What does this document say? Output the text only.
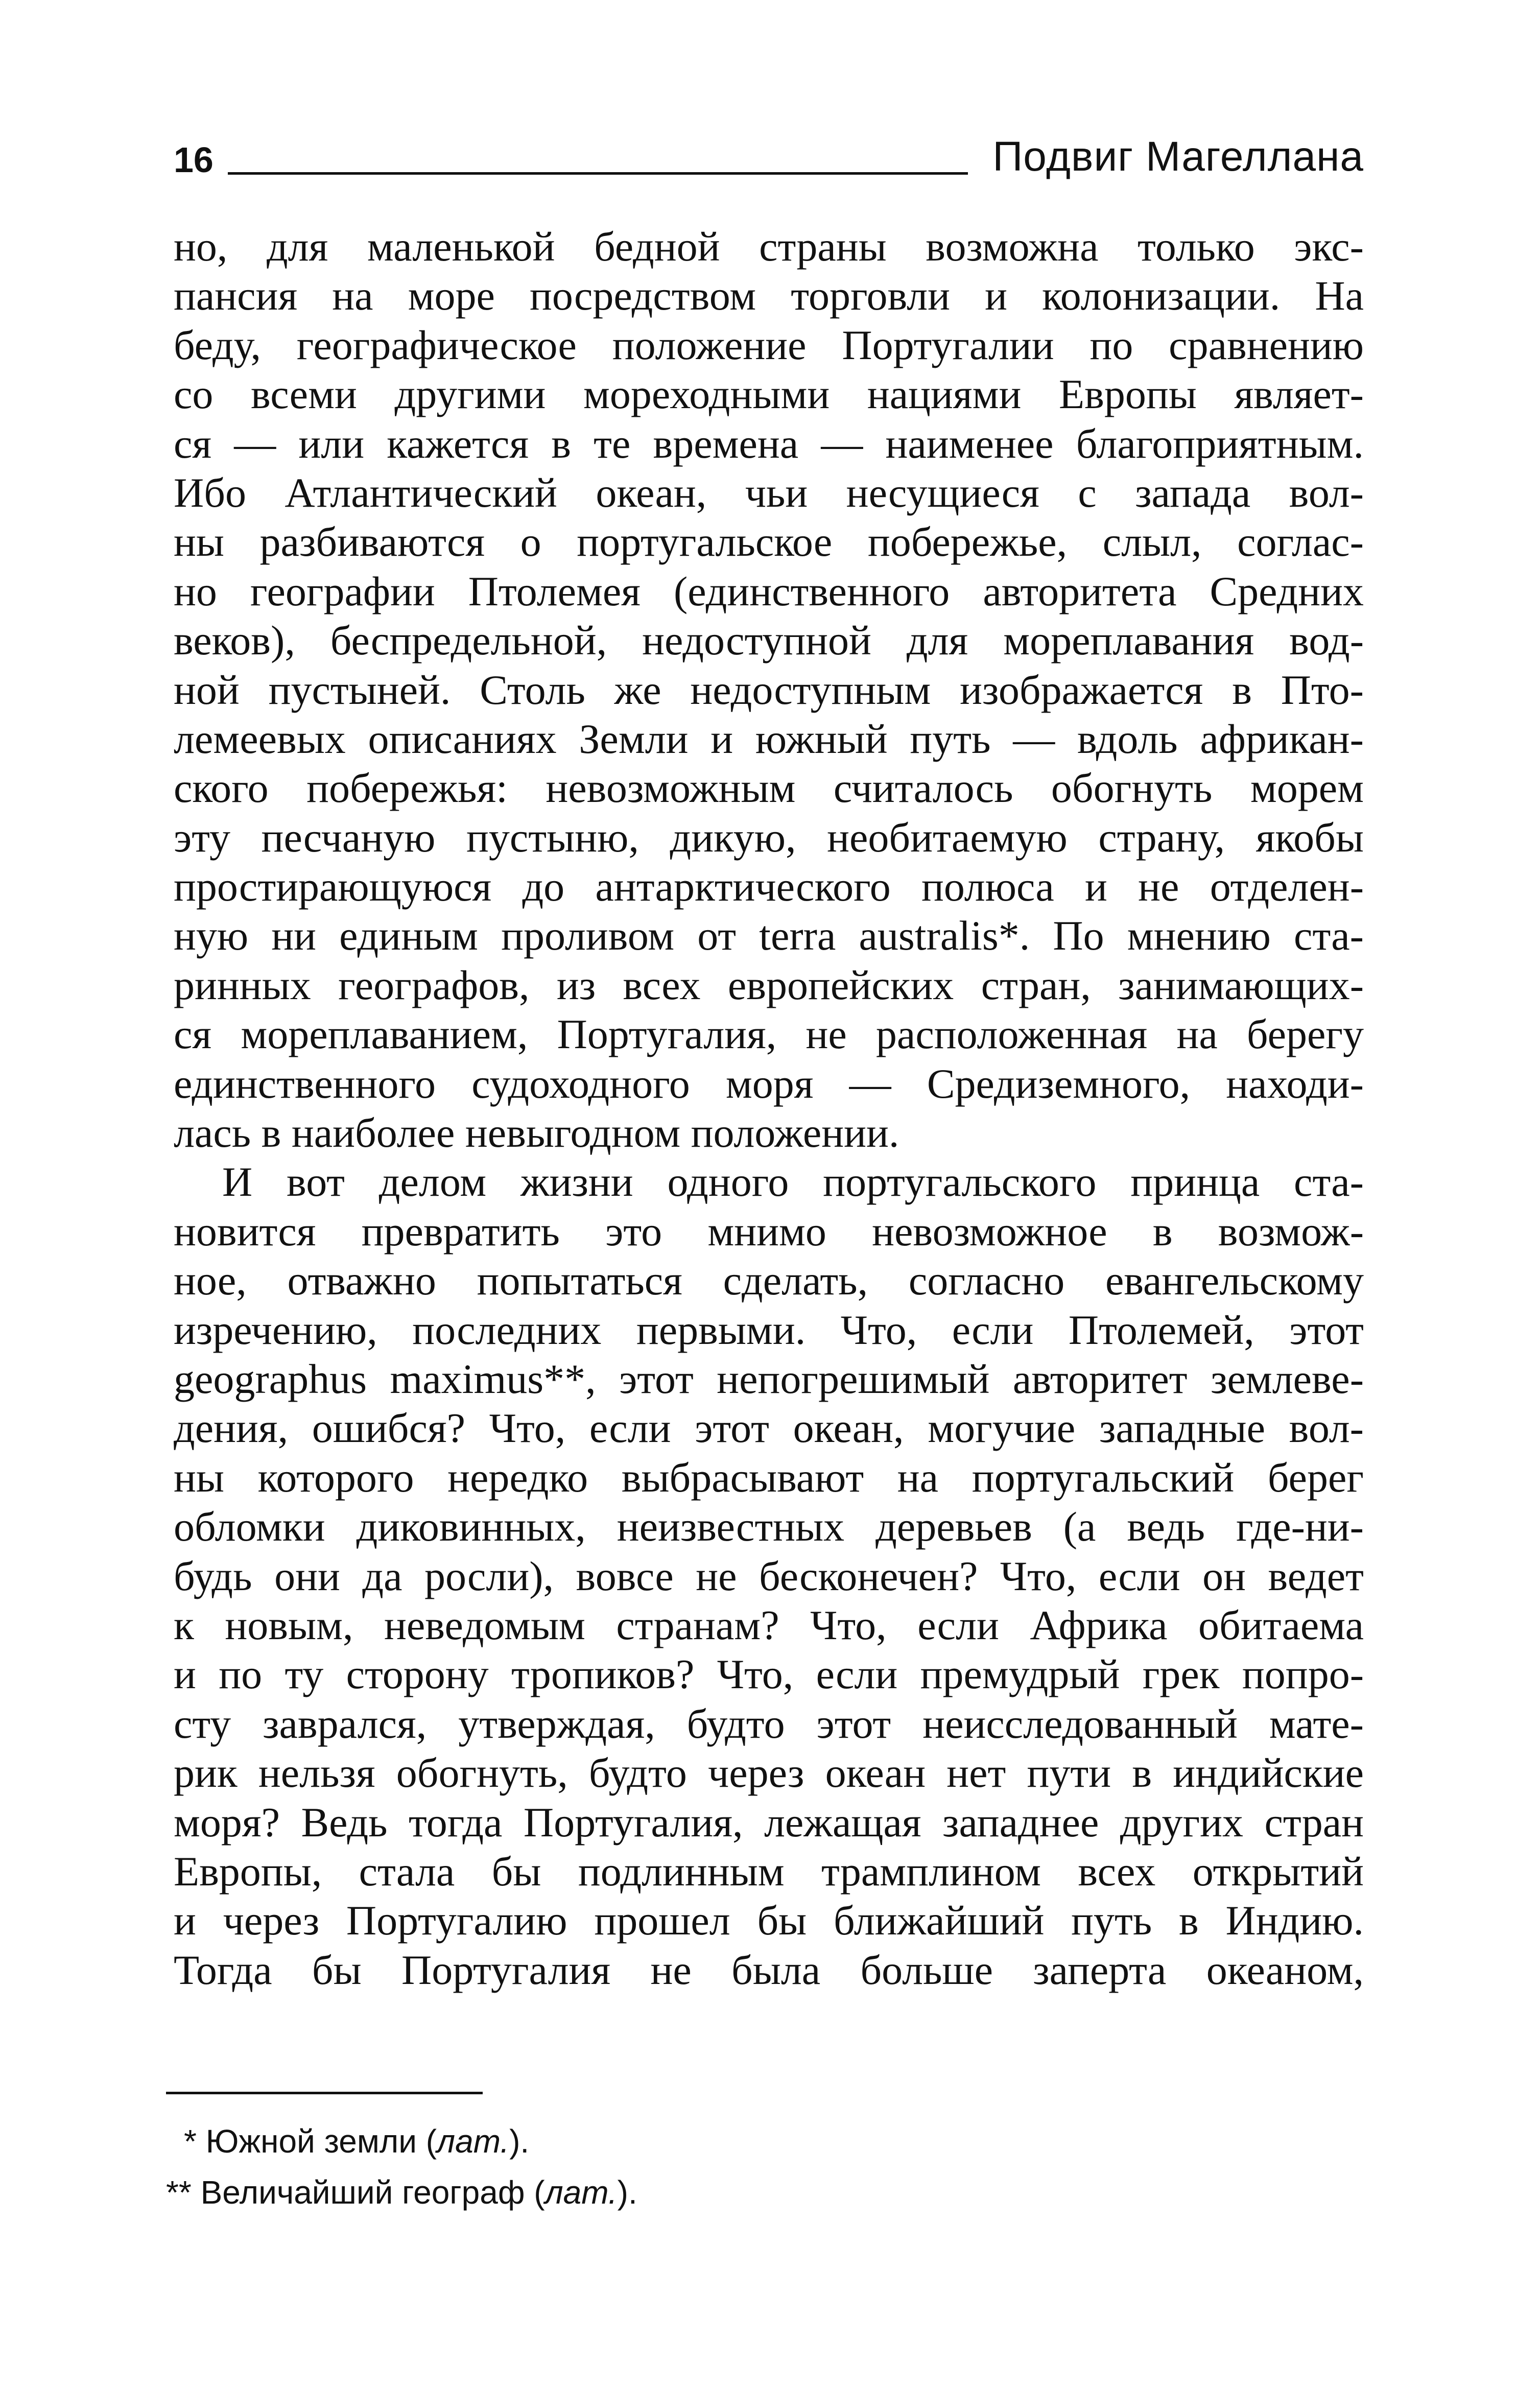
16	Подвиг Магеллана
но, для маленькой бедной страны возможна только экс-
пансия на море посредством торговли и колонизации. На
беду, географическое положение Португалии по сравнению
со всеми другими мореходными нациями Европы являет-
ся — или кажется в те времена — наименее благоприятным.
Ибо Атлантический океан, чьи несущиеся с запада вол-
ны разбиваются о португальское побережье, слыл, соглас-
но географии Птолемея (единственного авторитета Средних
веков), беспредельной, недоступной для мореплавания вод-
ной пустыней. Столь же недоступным изображается в Пто-
лемеевых описаниях Земли и южный путь — вдоль африкан-
ского побережья: невозможным считалось обогнуть морем
эту песчаную пустыню, дикую, необитаемую страну, якобы
простирающуюся до антарктического полюса и не отделен-
ную ни единым проливом от terra australis*. По мнению ста-
ринных географов, из всех европейских стран, занимающих-
ся мореплаванием, Португалия, не расположенная на берегу
единственного судоходного моря — Средиземного, находи-
лась в наиболее невыгодном положении.
И вот делом жизни одного португальского принца ста-
новится превратить это мнимо невозможное в возмож-
ное, отважно попытаться сделать, согласно евангельскому
изречению, последних первыми. Что, если Птолемей, этот
geographus maximus**, этот непогрешимый авторитет землеве-
дения, ошибся? Что, если этот океан, могучие западные вол-
ны которого нередко выбрасывают на португальский берег
обломки диковинных, неизвестных деревьев (а ведь где-ни-
будь они да росли), вовсе не бесконечен? Что, если он ведет
к новым, неведомым странам? Что, если Африка обитаема
и по ту сторону тропиков? Что, если премудрый грек попро-
сту заврался, утверждая, будто этот неисследованный мате-
рик нельзя обогнуть, будто через океан нет пути в индийские
моря? Ведь тогда Португалия, лежащая западнее других стран
Европы, стала бы подлинным трамплином всех открытий
и через Португалию прошел бы ближайший путь в Индию.
Тогда бы Португалия не была больше заперта океаном,
* Южной земли (лат.).
** Величайший географ (лат.).
